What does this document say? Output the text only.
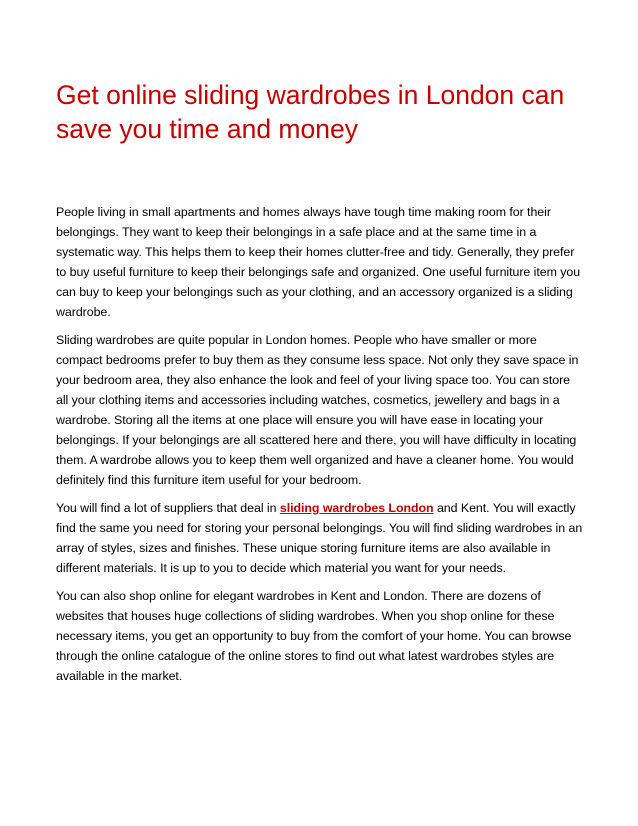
Get online sliding wardrobes in London can save you time and money

People living in small apartments and homes always have tough time making room for their belongings. They want to keep their belongings in a safe place and at the same time in a systematic way. This helps them to keep their homes clutter-free and tidy. Generally, they prefer to buy useful furniture to keep their belongings safe and organized. One useful furniture item you can buy to keep your belongings such as your clothing, and an accessory organized is a sliding wardrobe.

Sliding wardrobes are quite popular in London homes. People who have smaller or more compact bedrooms prefer to buy them as they consume less space. Not only they save space in your bedroom area, they also enhance the look and feel of your living space too. You can store all your clothing items and accessories including watches, cosmetics, jewellery and bags in a wardrobe. Storing all the items at one place will ensure you will have ease in locating your belongings. If your belongings are all scattered here and there, you will have difficulty in locating them. A wardrobe allows you to keep them well organized and have a cleaner home. You would definitely find this furniture item useful for your bedroom.

You will find a lot of suppliers that deal in sliding wardrobes London and Kent. You will exactly find the same you need for storing your personal belongings. You will find sliding wardrobes in an array of styles, sizes and finishes. These unique storing furniture items are also available in different materials. It is up to you to decide which material you want for your needs.

You can also shop online for elegant wardrobes in Kent and London. There are dozens of websites that houses huge collections of sliding wardrobes. When you shop online for these necessary items, you get an opportunity to buy from the comfort of your home. You can browse through the online catalogue of the online stores to find out what latest wardrobes styles are available in the market.
